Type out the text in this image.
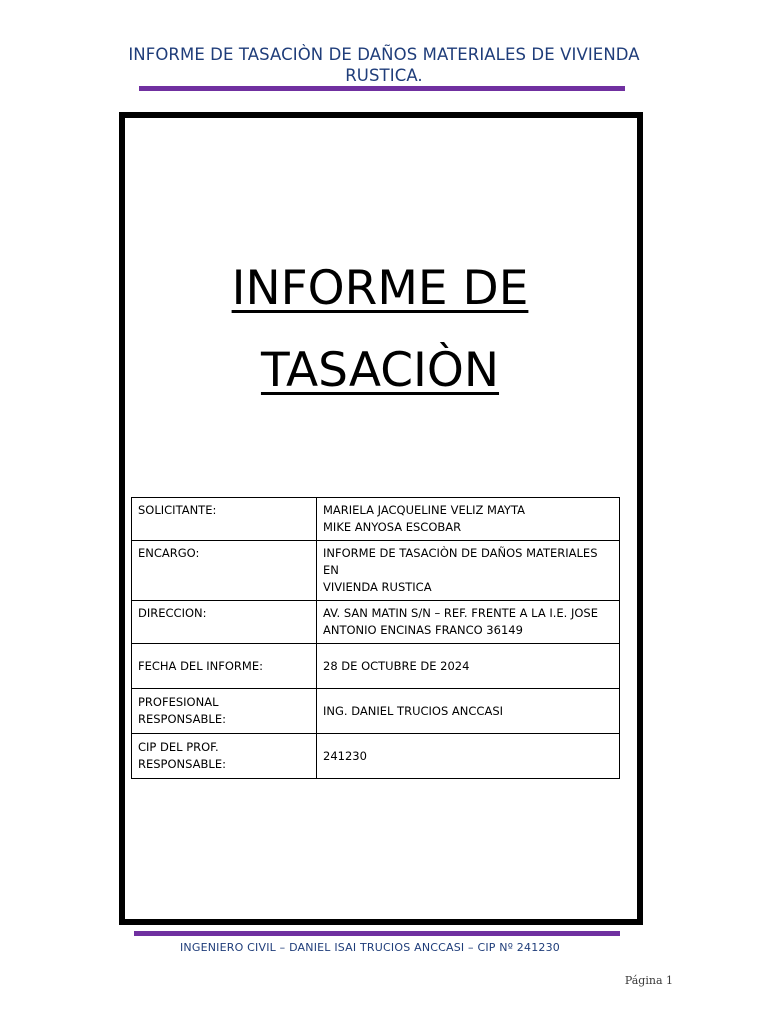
INFORME DE TASACIÒN DE DAÑOS MATERIALES DE VIVIENDA RUSTICA.
INFORME DE
TASACIÒN
SOLICITANTE:	MARIELA JACQUELINE VELIZ MAYTA
MIKE ANYOSA ESCOBAR

ENCARGO:	INFORME DE TASACIÒN DE DAÑOS MATERIALES EN
VIVIENDA RUSTICA

DIRECCION:	AV. SAN MATIN S/N – REF. FRENTE A LA I.E. JOSE
ANTONIO ENCINAS FRANCO 36149

FECHA DEL INFORME:	28 DE OCTUBRE DE 2024
PROFESIONAL RESPONSABLE:	ING. DANIEL TRUCIOS ANCCASI
CIP DEL PROF. RESPONSABLE:	241230
INGENIERO CIVIL – DANIEL ISAI TRUCIOS ANCCASI – CIP Nº 241230
Página 1
